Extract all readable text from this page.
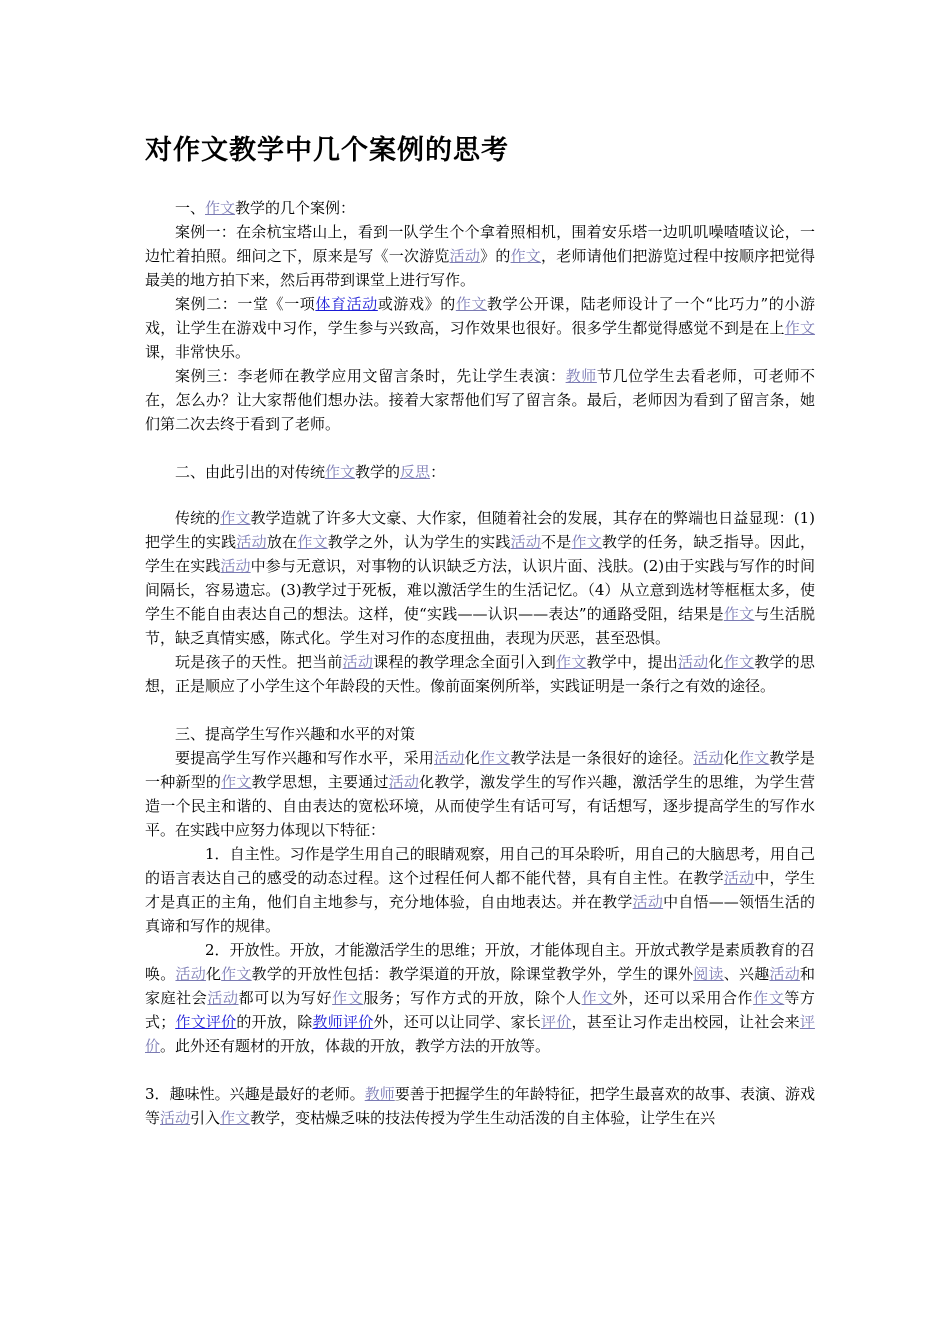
对作文教学中几个案例的思考

一、作文教学的几个案例：

案例一：在余杭宝塔山上，看到一队学生个个拿着照相机，围着安乐塔一边叽叽噪喳喳议论，一边忙着拍照。细问之下，原来是写《一次游览活动》的作文，老师请他们把游览过程中按顺序把觉得最美的地方拍下来，然后再带到课堂上进行写作。

案例二：一堂《一项体育活动或游戏》的作文教学公开课，陆老师设计了一个“比巧力”的小游戏，让学生在游戏中习作，学生参与兴致高，习作效果也很好。很多学生都觉得感觉不到是在上作文课，非常快乐。

案例三：李老师在教学应用文留言条时，先让学生表演：教师节几位学生去看老师，可老师不在，怎么办？让大家帮他们想办法。接着大家帮他们写了留言条。最后，老师因为看到了留言条，她们第二次去终于看到了老师。

二、由此引出的对传统作文教学的反思：

传统的作文教学造就了许多大文豪、大作家，但随着社会的发展，其存在的弊端也日益显现：(1)把学生的实践活动放在作文教学之外，认为学生的实践活动不是作文教学的任务，缺乏指导。因此，学生在实践活动中参与无意识，对事物的认识缺乏方法，认识片面、浅肤。(2)由于实践与写作的时间间隔长，容易遗忘。(3)教学过于死板，难以激活学生的生活记忆。（4）从立意到选材等框框太多，使学生不能自由表达自己的想法。这样，使“实践——认识——表达”的通路受阻，结果是作文与生活脱节，缺乏真情实感，陈式化。学生对习作的态度扭曲，表现为厌恶，甚至恐惧。

玩是孩子的天性。把当前活动课程的教学理念全面引入到作文教学中，提出活动化作文教学的思想，正是顺应了小学生这个年龄段的天性。像前面案例所举，实践证明是一条行之有效的途径。

三、提高学生写作兴趣和水平的对策

要提高学生写作兴趣和写作水平，采用活动化作文教学法是一条很好的途径。活动化作文教学是一种新型的作文教学思想，主要通过活动化教学，激发学生的写作兴趣，激活学生的思维，为学生营造一个民主和谐的、自由表达的宽松环境，从而使学生有话可写，有话想写，逐步提高学生的写作水平。在实践中应努力体现以下特征：

1．自主性。习作是学生用自己的眼睛观察，用自己的耳朵聆听，用自己的大脑思考，用自己的语言表达自己的感受的动态过程。这个过程任何人都不能代替，具有自主性。在教学活动中，学生才是真正的主角，他们自主地参与，充分地体验，自由地表达。并在教学活动中自悟——领悟生活的真谛和写作的规律。

2．开放性。开放，才能激活学生的思维；开放，才能体现自主。开放式教学是素质教育的召唤。活动化作文教学的开放性包括：教学渠道的开放，除课堂教学外，学生的课外阅读、兴趣活动和家庭社会活动都可以为写好作文服务；写作方式的开放，除个人作文外，还可以采用合作作文等方式；作文评价的开放，除教师评价外，还可以让同学、家长评价，甚至让习作走出校园，让社会来评价。此外还有题材的开放，体裁的开放，教学方法的开放等。

3．趣味性。兴趣是最好的老师。教师要善于把握学生的年龄特征，把学生最喜欢的故事、表演、游戏等活动引入作文教学，变枯燥乏味的技法传授为学生生动活泼的自主体验，让学生在兴
